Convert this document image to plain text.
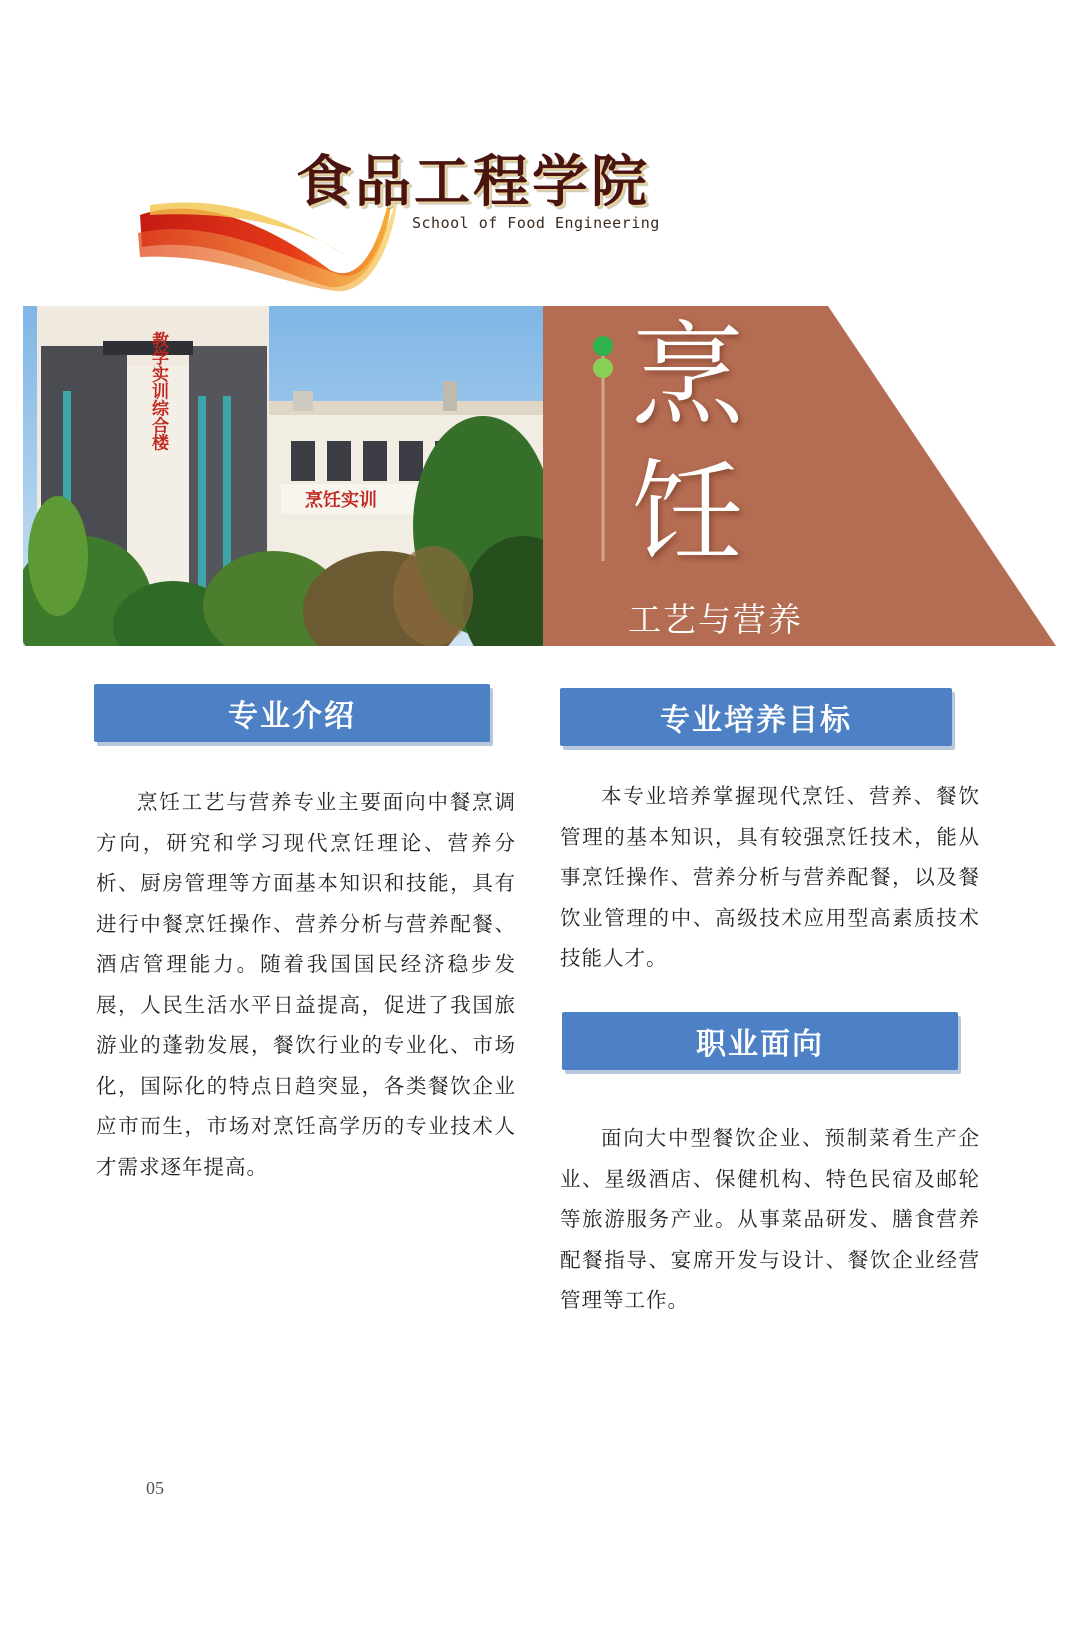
食品工程学院
School of Food Engineering
教学实训综合楼
烹饪实训
烹
饪
工艺与营养
专业介绍

烹饪工艺与营养专业主要面向中餐烹调方向，研究和学习现代烹饪理论、营养分析、厨房管理等方面基本知识和技能，具有进行中餐烹饪操作、营养分析与营养配餐、酒店管理能力。随着我国国民经济稳步发展，人民生活水平日益提高，促进了我国旅游业的蓬勃发展，餐饮行业的专业化、市场化，国际化的特点日趋突显，各类餐饮企业应市而生，市场对烹饪高学历的专业技术人才需求逐年提高。

专业培养目标

本专业培养掌握现代烹饪、营养、餐饮管理的基本知识，具有较强烹饪技术，能从事烹饪操作、营养分析与营养配餐，以及餐饮业管理的中、高级技术应用型高素质技术技能人才。

职业面向

面向大中型餐饮企业、预制菜肴生产企业、星级酒店、保健机构、特色民宿及邮轮等旅游服务产业。从事菜品研发、膳食营养配餐指导、宴席开发与设计、餐饮企业经营管理等工作。

05
